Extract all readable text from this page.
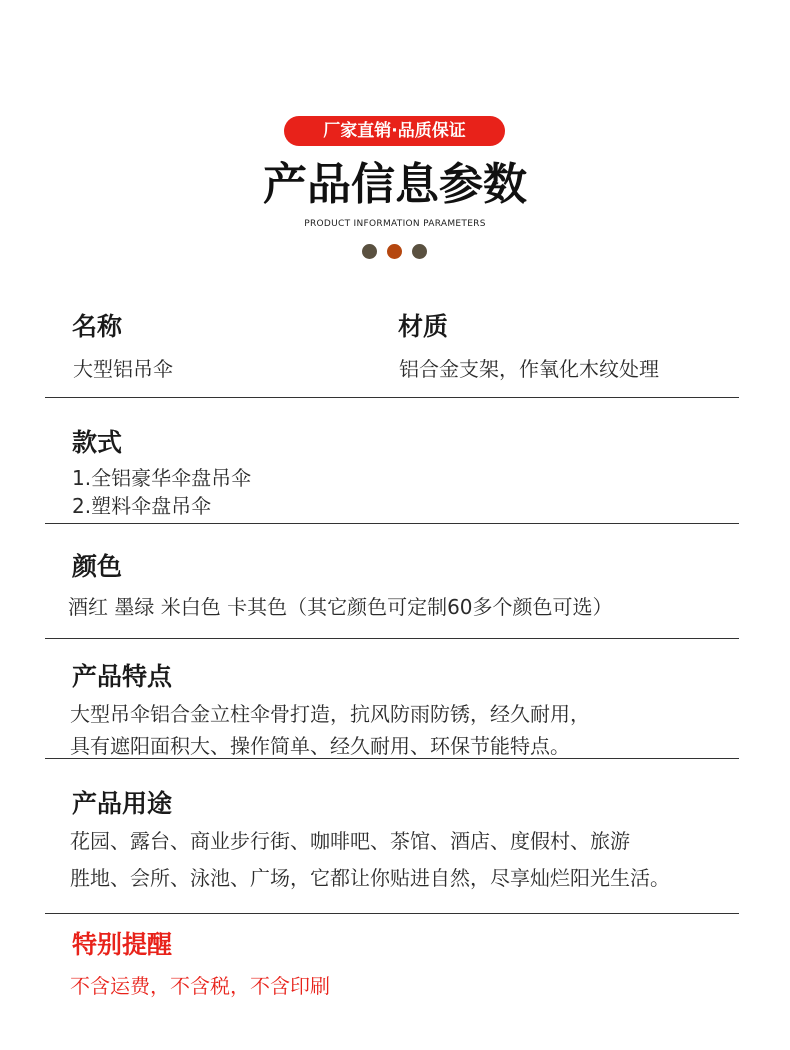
厂家直销·品质保证
产品信息参数
PRODUCT INFORMATION PARAMETERS
名称
大型铝吊伞
材质
铝合金支架，作氧化木纹处理
款式
1.全铝豪华伞盘吊伞
2.塑料伞盘吊伞
颜色
酒红 墨绿 米白色 卡其色（其它颜色可定制60多个颜色可选）
产品特点
大型吊伞铝合金立柱伞骨打造，抗风防雨防锈，经久耐用，
具有遮阳面积大、操作简单、经久耐用、环保节能特点。
产品用途
花园、露台、商业步行街、咖啡吧、茶馆、酒店、度假村、旅游
胜地、会所、泳池、广场，它都让你贴进自然，尽享灿烂阳光生活。
特别提醒
不含运费，不含税，不含印刷
